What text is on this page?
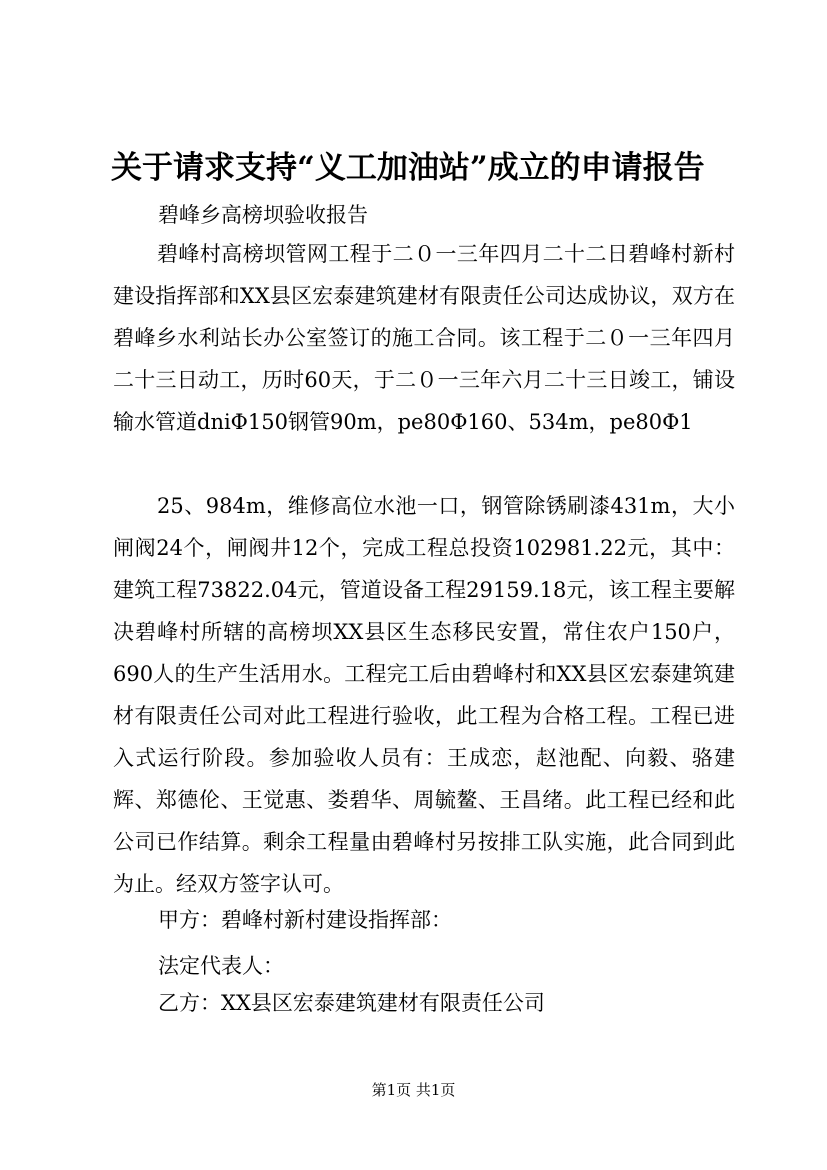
关于请求支持“义工加油站”成立的申请报告
碧峰乡高榜坝验收报告
碧峰村高榜坝管网工程于二０一三年四月二十二日碧峰村新村建设指挥部和XX县区宏泰建筑建材有限责任公司达成协议，双方在碧峰乡水利站长办公室签订的施工合同。该工程于二０一三年四月二十三日动工，历时60天，于二０一三年六月二十三日竣工，铺设输水管道dniΦ150钢管90m，pe80Φ160、534m，pe80Φ1
25、984m，维修高位水池一口，钢管除锈刷漆431m，大小闸阀24个，闸阀井12个，完成工程总投资102981.22元，其中：建筑工程73822.04元，管道设备工程29159.18元，该工程主要解决碧峰村所辖的高榜坝XX县区生态移民安置，常住农户150户，690人的生产生活用水。工程完工后由碧峰村和XX县区宏泰建筑建材有限责任公司对此工程进行验收，此工程为合格工程。工程已进入式运行阶段。参加验收人员有：王成恋，赵池配、向毅、骆建辉、郑德伦、王觉惠、娄碧华、周毓鳌、王昌绪。此工程已经和此公司已作结算。剩余工程量由碧峰村另按排工队实施，此合同到此为止。经双方签字认可。
甲方：碧峰村新村建设指挥部：
法定代表人：
乙方：XX县区宏泰建筑建材有限责任公司
第1页 共1页
